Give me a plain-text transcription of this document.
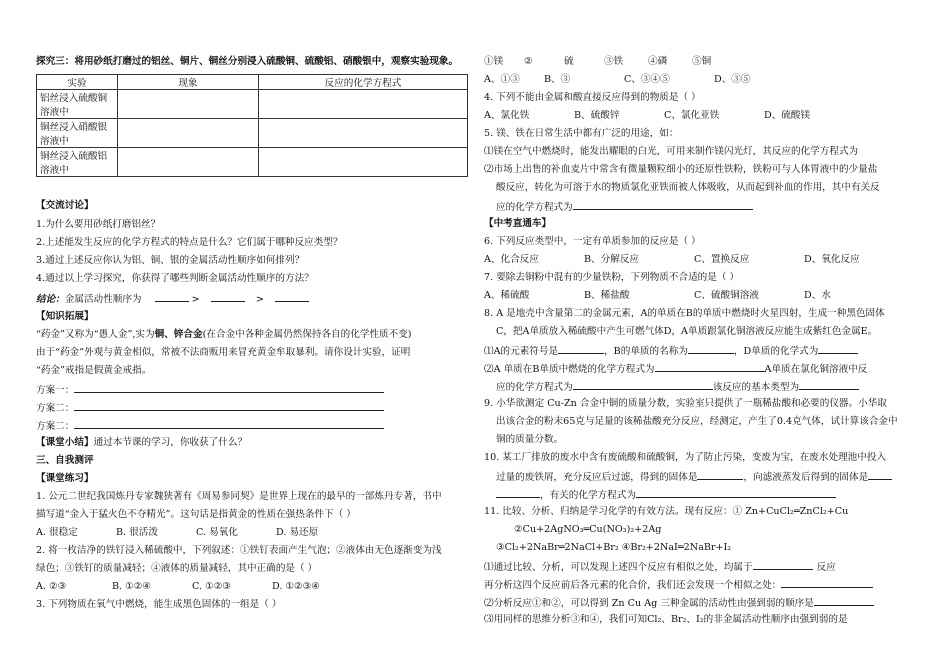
探究三：将用砂纸打磨过的铝丝、铜片、铜丝分别浸入硫酸铜、硫酸铝、硝酸银中，观察实验现象。
实验	现象	反应的化学方程式

铝丝浸入硫酸铜
溶液中		

铜丝浸入硝酸银
溶液中		

铜丝浸入硫酸铝
溶液中		

【交流讨论】
1.为什么要用砂纸打磨铝丝？
2.上述能发生反应的化学方程式的特点是什么？它们属于哪种反应类型？
3.通过上述反应你认为铝、铜、银的金属活动性顺序如何排列？
4.通过以上学习探究，你获得了哪些判断金属活动性顺序的方法？
结论：金属活动性顺序为	>	>
【知识拓展】
“药金”又称为“愚人金”,实为铜、锌合金(在合金中各种金属仍然保持各自的化学性质不变)
由于“药金”外观与黄金相似，常被不法商贩用来冒充黄金牟取暴利。请你设计实验，证明
“药金”戒指是假黄金戒指。
方案一：
方案二：
方案二：
【课堂小结】通过本节课的学习，你收获了什么？
三、自我测评
【课堂练习】
1. 公元二世纪我国炼丹专家魏狭著有《周易参同契》是世界上现在的最早的一部炼丹专著，书中
描写道“金入于猛火色不夺精光”。这句话是指黄金的性质在强热条件下（ ）
A. 很稳定	B. 很活泼	C. 易氧化	D. 易还原
2. 将一枚洁净的铁钉浸入稀硫酸中，下列叙述：①铁钉表面产生气泡；②液体由无色逐渐变为浅
绿色；③铁钉的质量减轻；④液体的质量减轻，其中正确的是（ ）
A. ②③	B. ①②④	C. ①②③	D. ①②③④
3. 下列物质在氧气中燃烧，能生成黑色固体的一组是（ ）
①镁 ②	硫	③铁	④磷	⑤铜
A、①③	B、③	C、③④⑤	D、③⑤
4. 下列不能由金属和酸直接反应得到的物质是（ ）
A、氯化铁	B、硫酸锌	C、氯化亚铁	D、硫酸镁
5. 镁、铁在日常生活中都有广泛的用途，如：
⑴镁在空气中燃烧时，能发出耀眼的白光，可用来制作镁闪光灯，其反应的化学方程式为
⑵市场上出售的补血麦片中常含有微量颗粒细小的还原性铁粉，铁粉可与人体胃液中的少量盐
酸反应，转化为可溶于水的物质氯化亚铁而被人体吸收，从而起到补血的作用，其中有关反
应的化学方程式为
【中考直通车】
6. 下列反应类型中，一定有单质参加的反应是（ ）
A、化合反应	B、分解反应	C、置换反应	D、氧化反应
7. 要除去铜粉中混有的少量铁粉，下列物质不合适的是（ ）
A、稀硫酸	B、稀盐酸	C、硫酸铜溶液	D、水
8. A 是地壳中含量第二的金属元素，A的单质在B的单质中燃烧时火星四射，生成一种黑色固体
C，把A单质放入稀硫酸中产生可燃气体D，A单质跟氯化铜溶液反应能生成紫红色金属E。
⑴A的元素符号是	，B的单质的名称为	，D单质的化学式为
⑵A 单质在B单质中燃烧的化学方程式为	A单质在氯化铜溶液中反
应的化学方程式为	该反应的基本类型为
9. 小华欲测定 Cu-Zn 合金中铜的质量分数，实验室只提供了一瓶稀盐酸和必要的仪器。小华取
出该合金的粉末65克与足量的该稀盐酸充分反应，经测定，产生了0.4克气体，试计算该合金中
铜的质量分数。
10. 某工厂排放的废水中含有废硫酸和硫酸铜，为了防止污染，变废为宝，在废水处理池中投入
过量的废铁屑，充分反应后过滤，得到的固体是	，向滤液蒸发后得到的固体是
，有关的化学方程式为
11. 比较、分析、归纳是学习化学的有效方法。现有反应：① Zn+CuCl₂═ZnCl₂+Cu
②Cu+2AgNO₃═Cu(NO₃)₂+2Ag
③Cl₂+2NaBr═2NaCl+Br₂ ④Br₂+2NaI═2NaBr+I₂
⑴通过比较、分析，可以发现上述四个反应有相似之处，均属于	反应
再分析这四个反应前后各元素的化合价，我们还会发现一个相似之处：
⑵分析反应①和②，可以得到 Zn Cu Ag 三种金属的活动性由强到弱的顺序是
⑶用同样的思维分析③和④，我们可知Cl₂、Br₂、I₂的非金属活动性顺序由强到弱的是
